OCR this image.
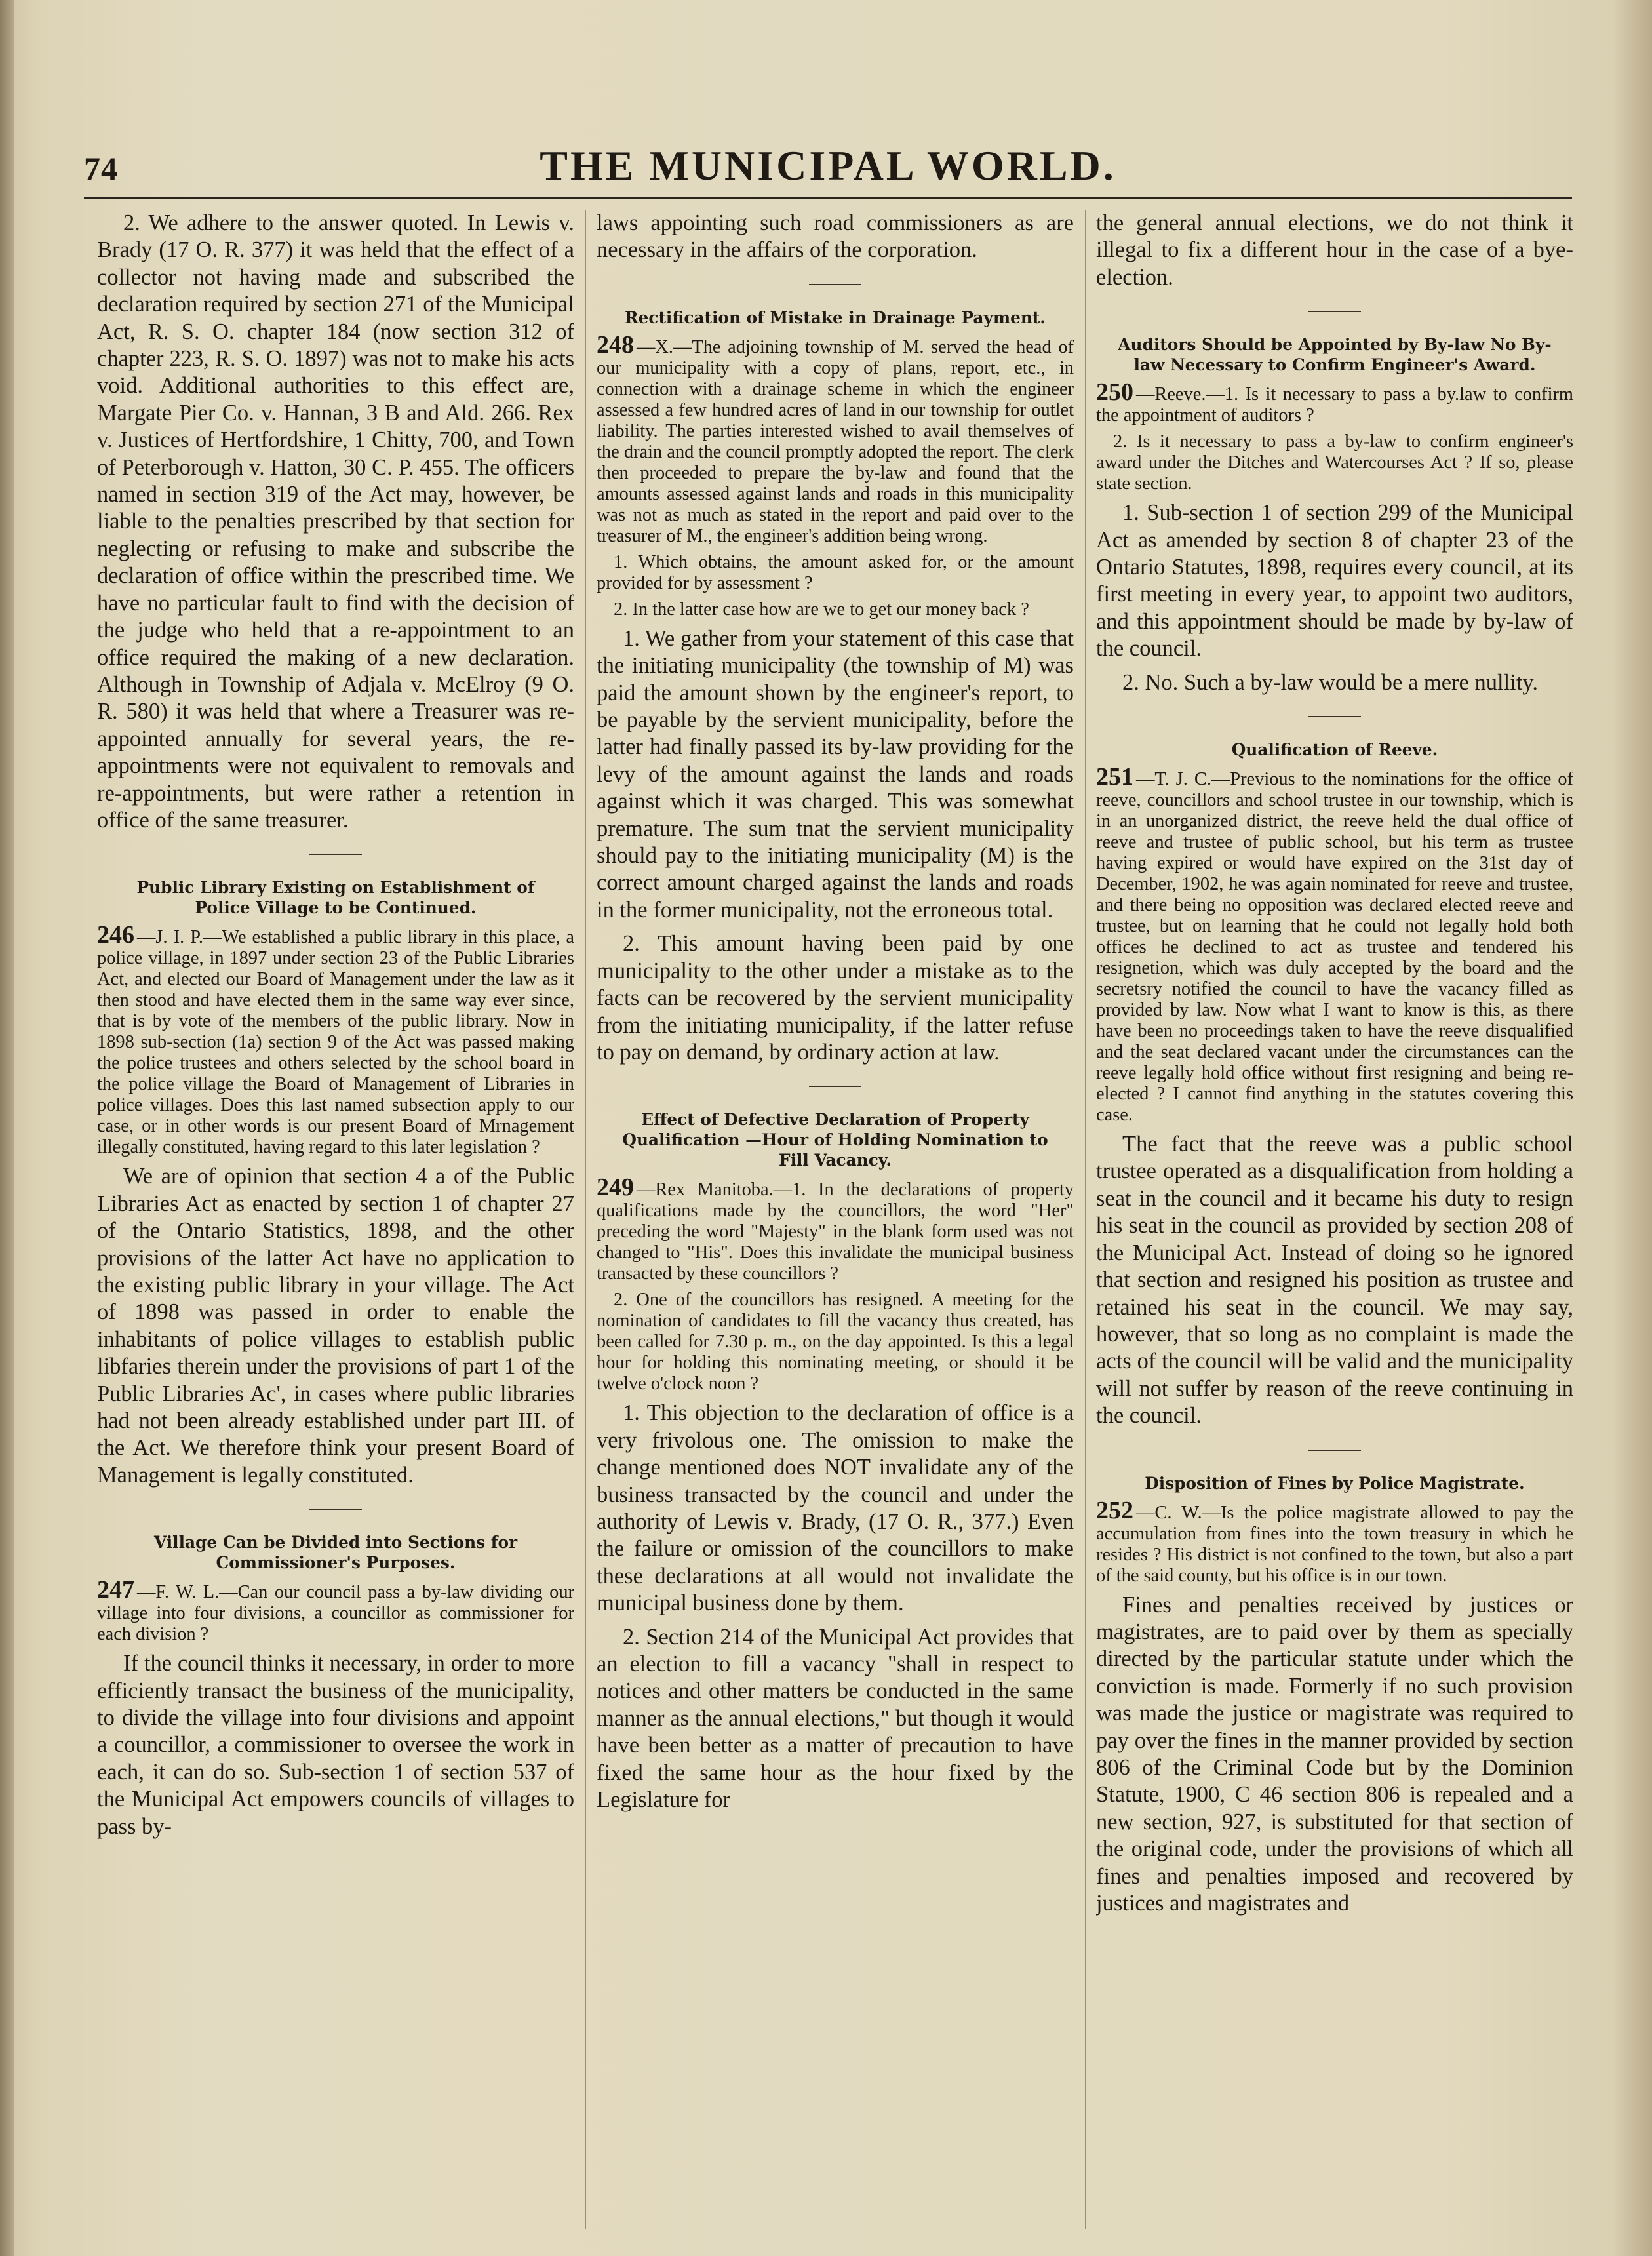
74	THE MUNICIPAL WORLD.

2. We adhere to the answer quoted. In Lewis v. Brady (17 O. R. 377) it was held that the effect of a collector not having made and subscribed the declaration required by section 271 of the Municipal Act, R. S. O. chapter 184 (now section 312 of chapter 223, R. S. O. 1897) was not to make his acts void. Additional authorities to this effect are, Margate Pier Co. v. Hannan, 3 B and Ald. 266. Rex v. Justices of Hertfordshire, 1 Chitty, 700, and Town of Peterborough v. Hatton, 30 C. P. 455. The officers named in section 319 of the Act may, however, be liable to the penalties prescribed by that section for neglecting or refusing to make and subscribe the declaration of office within the prescribed time. We have no particular fault to find with the decision of the judge who held that a re-appointment to an office required the making of a new declaration. Although in Township of Adjala v. McElroy (9 O. R. 580) it was held that where a Treasurer was re-appointed annually for several years, the re-appointments were not equivalent to removals and re-appointments, but were rather a retention in office of the same treasurer.

Public Library Existing on Establishment of Police Village to be Continued.

246 —J. I. P.—We established a public library in this place, a police village, in 1897 under section 23 of the Public Libraries Act, and elected our Board of Management under the law as it then stood and have elected them in the same way ever since, that is by vote of the members of the public library. Now in 1898 sub-section (1a) section 9 of the Act was passed making the police trustees and others selected by the school board in the police village the Board of Management of Libraries in police villages. Does this last named subsection apply to our case, or in other words is our present Board of Mrnagement illegally constituted, having regard to this later legislation ?

We are of opinion that section 4 a of the Public Libraries Act as enacted by section 1 of chapter 27 of the Ontario Statistics, 1898, and the other provisions of the latter Act have no application to the existing public library in your village. The Act of 1898 was passed in order to enable the inhabitants of police villages to establish public libfaries therein under the provisions of part 1 of the Public Libraries Ac', in cases where public libraries had not been already established under part III. of the Act. We therefore think your present Board of Management is legally constituted.

Village Can be Divided into Sections for Commissioner's Purposes.

247 —F. W. L.—Can our council pass a by-law dividing our village into four divisions, a councillor as commissioner for each division ?

If the council thinks it necessary, in order to more efficiently transact the business of the municipality, to divide the village into four divisions and appoint a councillor, a commissioner to oversee the work in each, it can do so. Sub-section 1 of section 537 of the Municipal Act empowers councils of villages to pass by-

laws appointing such road commissioners as are necessary in the affairs of the corporation.

Rectification of Mistake in Drainage Payment.

248 —X.—The adjoining township of M. served the head of our municipality with a copy of plans, report, etc., in connection with a drainage scheme in which the engineer assessed a few hundred acres of land in our township for outlet liability. The parties interested wished to avail themselves of the drain and the council promptly adopted the report. The clerk then proceeded to prepare the by-law and found that the amounts assessed against lands and roads in this municipality was not as much as stated in the report and paid over to the treasurer of M., the engineer's addition being wrong.

1. Which obtains, the amount asked for, or the amount provided for by assessment ?

2. In the latter case how are we to get our money back ?

1. We gather from your statement of this case that the initiating municipality (the township of M) was paid the amount shown by the engineer's report, to be payable by the servient municipality, before the latter had finally passed its by-law providing for the levy of the amount against the lands and roads against which it was charged. This was somewhat premature. The sum tnat the servient municipality should pay to the initiating municipality (M) is the correct amount charged against the lands and roads in the former municipality, not the erroneous total.

2. This amount having been paid by one municipality to the other under a mistake as to the facts can be recovered by the servient municipality from the initiating municipality, if the latter refuse to pay on demand, by ordinary action at law.

Effect of Defective Declaration of Property Qualification —Hour of Holding Nomination to Fill Vacancy.

249 —Rex Manitoba.—1. In the declarations of property qualifications made by the councillors, the word "Her" preceding the word "Majesty" in the blank form used was not changed to "His". Does this invalidate the municipal business transacted by these councillors ?

2. One of the councillors has resigned. A meeting for the nomination of candidates to fill the vacancy thus created, has been called for 7.30 p. m., on the day appointed. Is this a legal hour for holding this nominating meeting, or should it be twelve o'clock noon ?

1. This objection to the declaration of office is a very frivolous one. The omission to make the change mentioned does NOT invalidate any of the business transacted by the council and under the authority of Lewis v. Brady, (17 O. R., 377.) Even the failure or omission of the councillors to make these declarations at all would not invalidate the municipal business done by them.

2. Section 214 of the Municipal Act provides that an election to fill a vacancy "shall in respect to notices and other matters be conducted in the same manner as the annual elections," but though it would have been better as a matter of precaution to have fixed the same hour as the hour fixed by the Legislature for

the general annual elections, we do not think it illegal to fix a different hour in the case of a bye-election.

Auditors Should be Appointed by By-law No By-law Necessary to Confirm Engineer's Award.

250 —Reeve.—1. Is it necessary to pass a by.law to confirm the appointment of auditors ?

2. Is it necessary to pass a by-law to confirm engineer's award under the Ditches and Watercourses Act ? If so, please state section.

1. Sub-section 1 of section 299 of the Municipal Act as amended by section 8 of chapter 23 of the Ontario Statutes, 1898, requires every council, at its first meeting in every year, to appoint two auditors, and this appointment should be made by by-law of the council.

2. No. Such a by-law would be a mere nullity.

Qualification of Reeve.

251 —T. J. C.—Previous to the nominations for the office of reeve, councillors and school trustee in our township, which is in an unorganized district, the reeve held the dual office of reeve and trustee of public school, but his term as trustee having expired or would have expired on the 31st day of December, 1902, he was again nominated for reeve and trustee, and there being no opposition was declared elected reeve and trustee, but on learning that he could not legally hold both offices he declined to act as trustee and tendered his resignetion, which was duly accepted by the board and the secretsry notified the council to have the vacancy filled as provided by law. Now what I want to know is this, as there have been no proceedings taken to have the reeve disqualified and the seat declared vacant under the circumstances can the reeve legally hold office without first resigning and being re-elected ? I cannot find anything in the statutes covering this case.

The fact that the reeve was a public school trustee operated as a disqualification from holding a seat in the council and it became his duty to resign his seat in the council as provided by section 208 of the Municipal Act. Instead of doing so he ignored that section and resigned his position as trustee and retained his seat in the council. We may say, however, that so long as no complaint is made the acts of the council will be valid and the municipality will not suffer by reason of the reeve continuing in the council.

Disposition of Fines by Police Magistrate.

252 —C. W.—Is the police magistrate allowed to pay the accumulation from fines into the town treasury in which he resides ? His district is not confined to the town, but also a part of the said county, but his office is in our town.

Fines and penalties received by justices or magistrates, are to paid over by them as specially directed by the particular statute under which the conviction is made. Formerly if no such provision was made the justice or magistrate was required to pay over the fines in the manner provided by section 806 of the Criminal Code but by the Dominion Statute, 1900, C 46 section 806 is repealed and a new section, 927, is substituted for that section of the original code, under the provisions of which all fines and penalties imposed and recovered by justices and magistrates and
